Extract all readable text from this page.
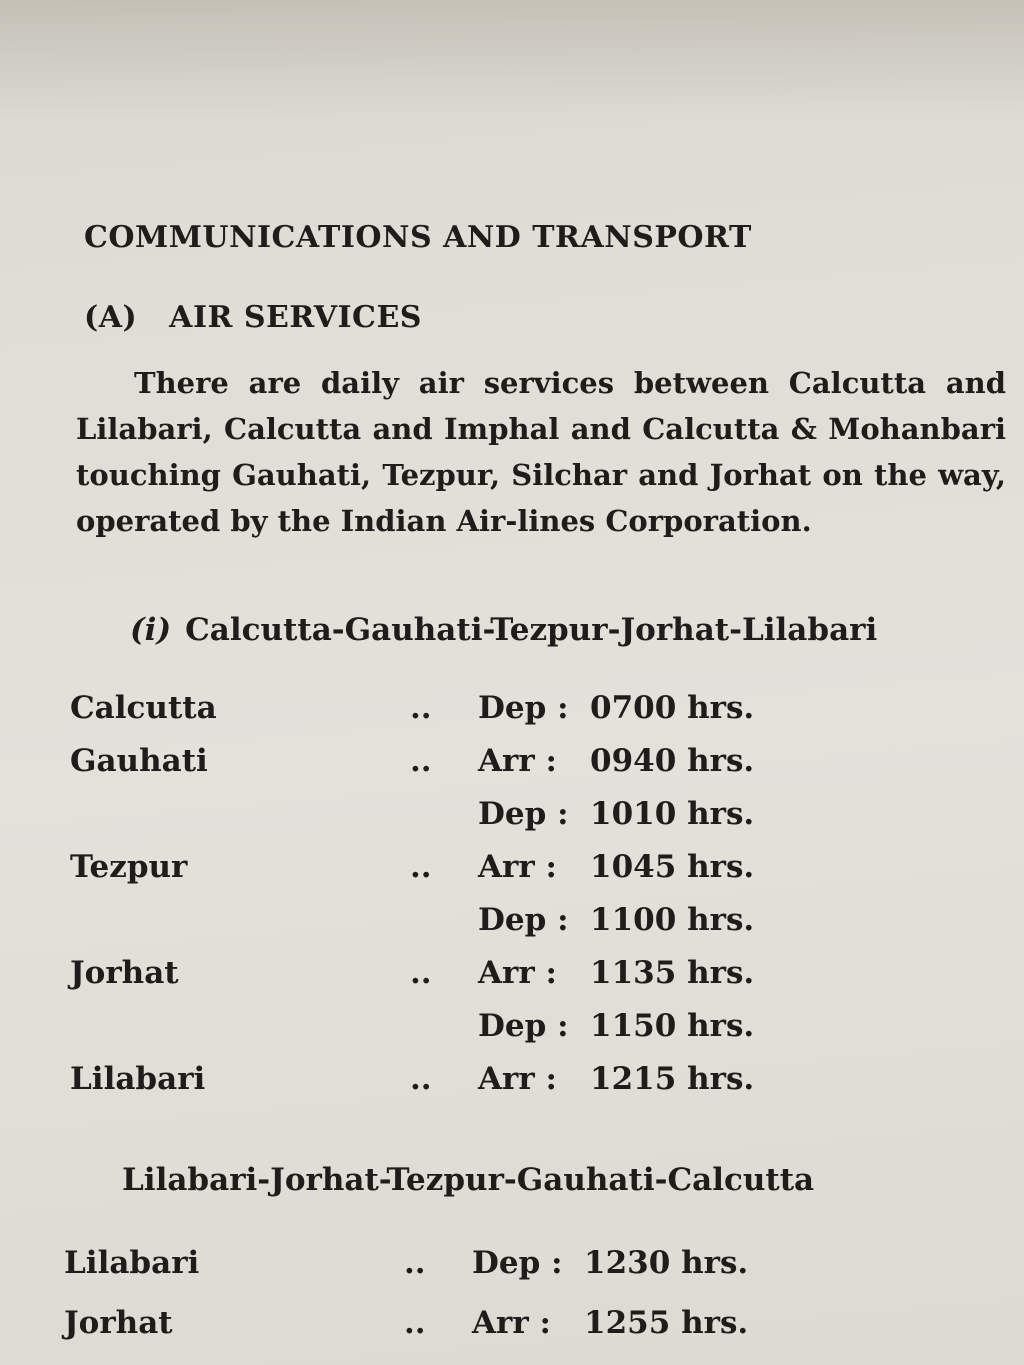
COMMUNICATIONS AND TRANSPORT
(A) AIR SERVICES

There are daily air services between Calcutta and Lilabari, Calcutta and Imphal and Calcutta & Mohanbari touching Gauhati, Tezpur, Silchar and Jorhat on the way, operated by the Indian Air-lines Corporation.

(i) Calcutta-Gauhati-Tezpur-Jorhat-Lilabari
Calcutta	.. Dep : 0700 hrs.
Gauhati	.. Arr : 0940 hrs.
Dep : 1010 hrs.
Tezpur	.. Arr : 1045 hrs.
Dep : 1100 hrs.
Jorhat	.. Arr : 1135 hrs.
Dep : 1150 hrs.
Lilabari	.. Arr : 1215 hrs.
Lilabari-Jorhat-Tezpur-Gauhati-Calcutta
Lilabari	.. Dep : 1230 hrs.
Jorhat	.. Arr : 1255 hrs.
